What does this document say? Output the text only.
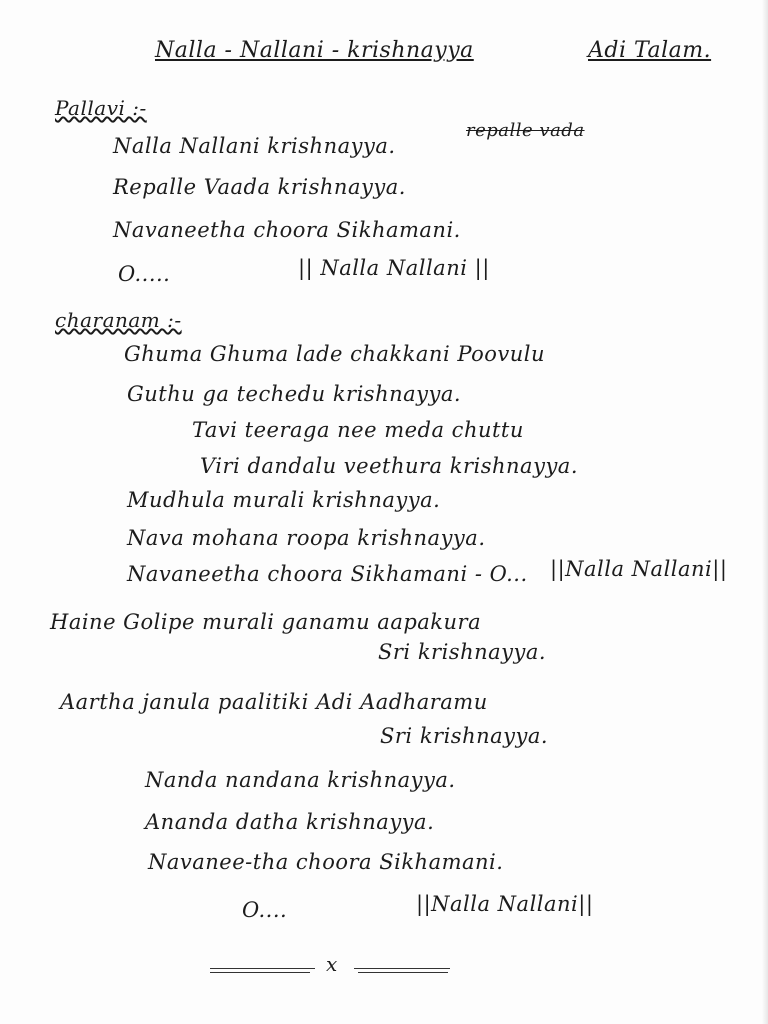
Nalla - Nallani - krishnayya	Adi Talam.
Pallavi :-
Nalla Nallani krishnayya.
repalle vada
Repalle Vaada krishnayya.
Navaneetha choora Sikhamani.
O.....	|| Nalla Nallani ||
charanam :-
Ghuma Ghuma lade chakkani Poovulu
Guthu ga techedu krishnayya.
Tavi teeraga nee meda chuttu
Viri dandalu veethura krishnayya.
Mudhula murali krishnayya.
Nava mohana roopa krishnayya.
Navaneetha choora Sikhamani - O... ||Nalla Nallani||
Haine Golipe murali ganamu aapakura
Sri krishnayya.
Aartha janula paalitiki Adi Aadharamu
Sri krishnayya.
Nanda nandana krishnayya.
Ananda datha krishnayya.
Navanee-tha choora Sikhamani.
O....	||Nalla Nallani||
x
